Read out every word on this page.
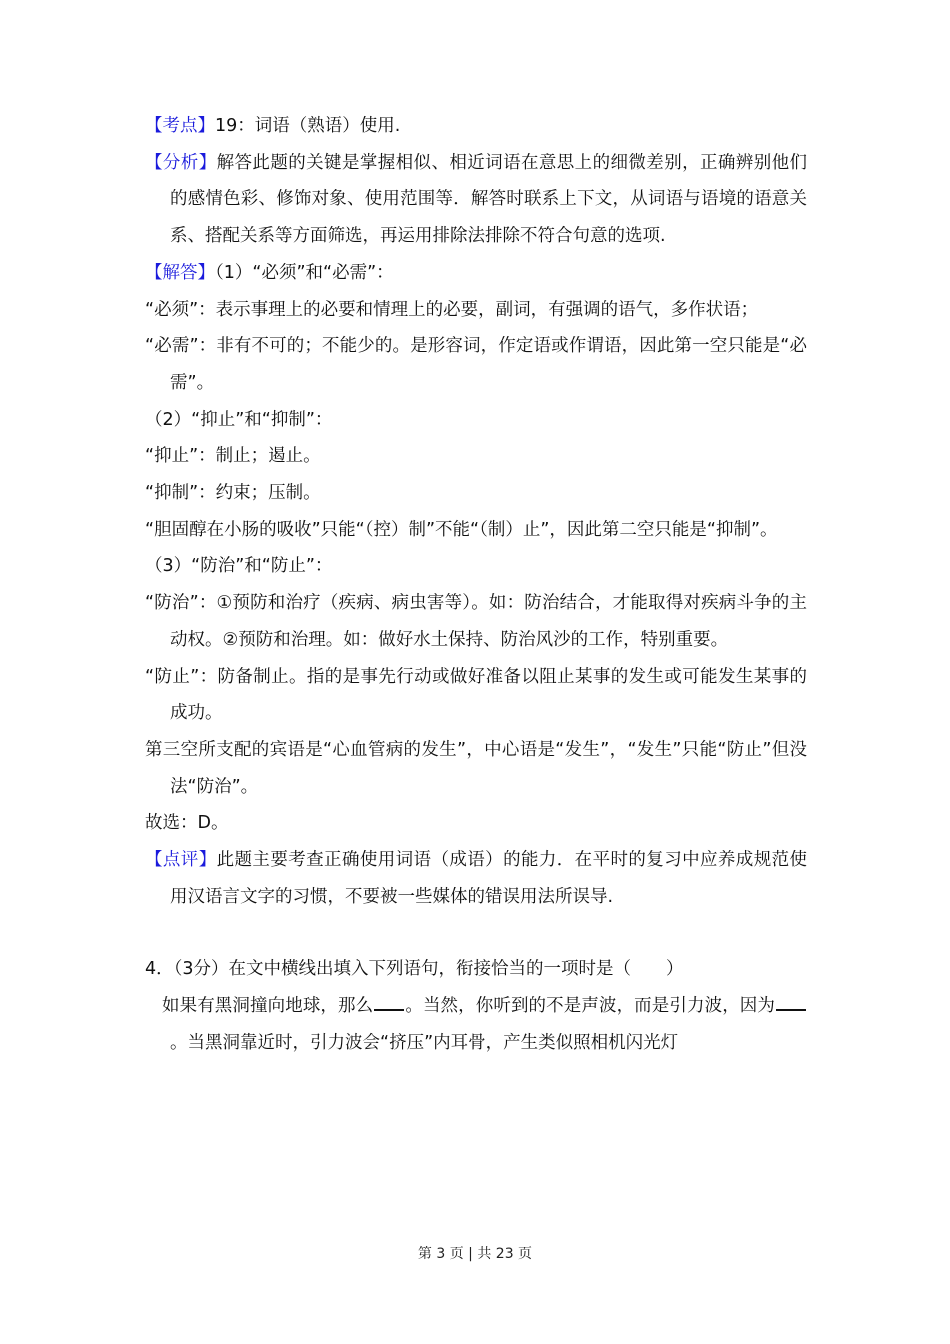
【考点】19：词语（熟语）使用.

【分析】解答此题的关键是掌握相似、相近词语在意思上的细微差别，正确辨别他们的感情色彩、修饰对象、使用范围等．解答时联系上下文，从词语与语境的语意关系、搭配关系等方面筛选，再运用排除法排除不符合句意的选项.

【解答】（1）“必须”和“必需”：

“必须”：表示事理上的必要和情理上的必要，副词，有强调的语气，多作状语；

“必需”：非有不可的；不能少的。是形容词，作定语或作谓语，因此第一空只能是“必需”。

（2）“抑止”和“抑制”：

“抑止”：制止；遏止。

“抑制”：约束；压制。

“胆固醇在小肠的吸收”只能“（控）制”不能“（制）止”，因此第二空只能是“抑制”。

（3）“防治”和“防止”：

“防治”：①预防和治疗（疾病、病虫害等）。如：防治结合，才能取得对疾病斗争的主动权。②预防和治理。如：做好水土保持、防治风沙的工作，特别重要。

“防止”：防备制止。指的是事先行动或做好准备以阻止某事的发生或可能发生某事的成功。

第三空所支配的宾语是“心血管病的发生”，中心语是“发生”，“发生”只能“防止”但没法“防治”。

故选：D。

【点评】此题主要考查正确使用词语（成语）的能力．在平时的复习中应养成规范使用汉语言文字的习惯，不要被一些媒体的错误用法所误导.

4．（3分）在文中横线出填入下列语句，衔接恰当的一项时是（　　）

如果有黑洞撞向地球，那么 。当然，你听到的不是声波，而是引力波，因为。当黑洞靠近时，引力波会“挤压”内耳骨，产生类似照相机闪光灯

第 3 页 | 共 23 页
